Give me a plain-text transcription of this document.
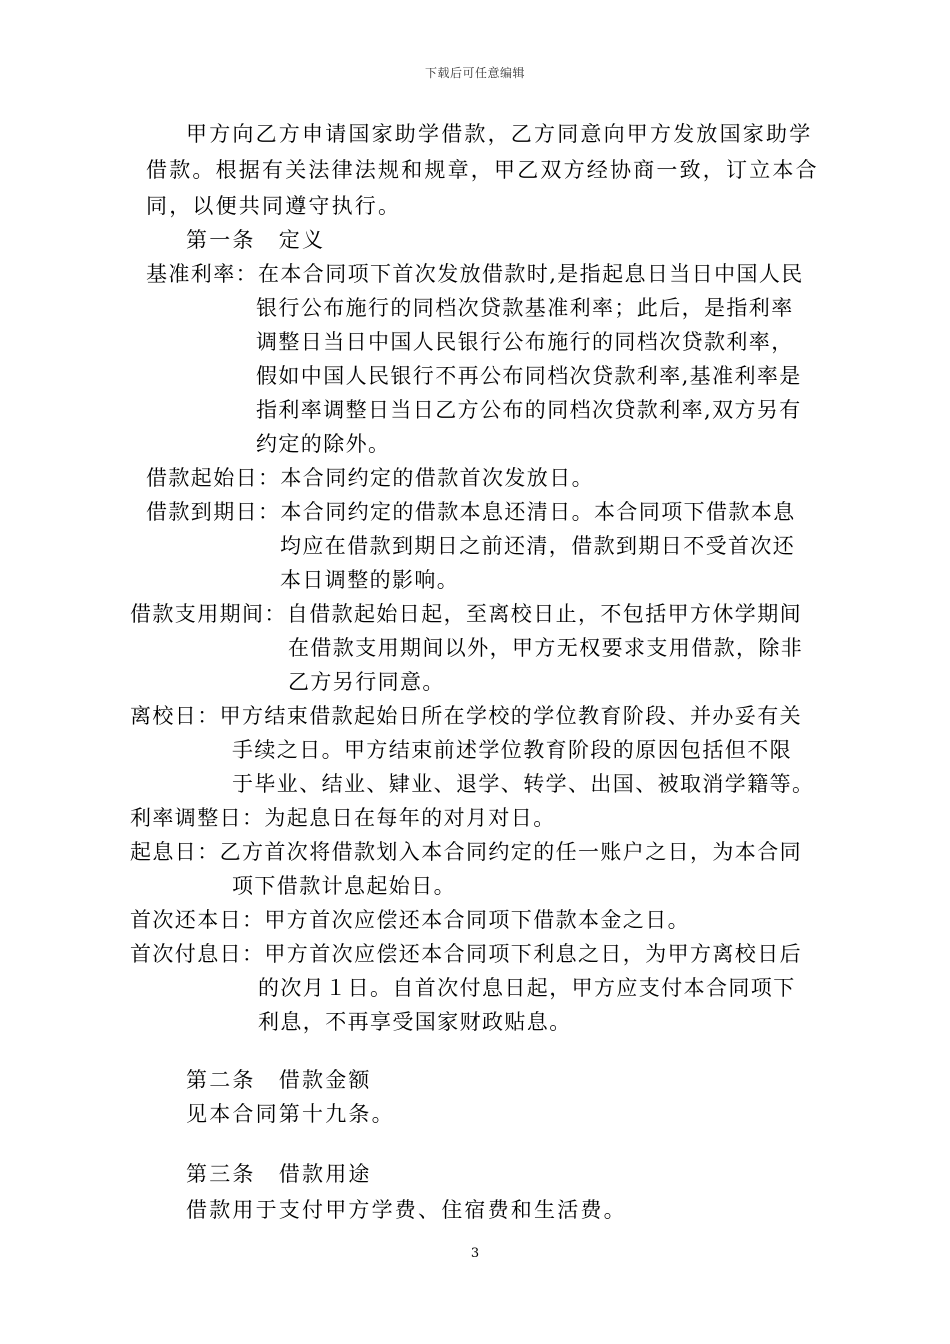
下载后可任意编辑
甲方向乙方申请国家助学借款，乙方同意向甲方发放国家助学
借款。根据有关法律法规和规章，甲乙双方经协商一致，订立本合
同，以便共同遵守执行。
第一条　定义
基准利率：在本合同项下首次发放借款时,是指起息日当日中国人民
银行公布施行的同档次贷款基准利率；此后，是指利率
调整日当日中国人民银行公布施行的同档次贷款利率，
假如中国人民银行不再公布同档次贷款利率,基准利率是
指利率调整日当日乙方公布的同档次贷款利率,双方另有
约定的除外。
借款起始日：本合同约定的借款首次发放日。
借款到期日：本合同约定的借款本息还清日。本合同项下借款本息
均应在借款到期日之前还清，借款到期日不受首次还
本日调整的影响。
借款支用期间：自借款起始日起，至离校日止，不包括甲方休学期间
在借款支用期间以外，甲方无权要求支用借款，除非
乙方另行同意。
离校日：甲方结束借款起始日所在学校的学位教育阶段、并办妥有关
手续之日。甲方结束前述学位教育阶段的原因包括但不限
于毕业、结业、肄业、退学、转学、出国、被取消学籍等。
利率调整日：为起息日在每年的对月对日。
起息日：乙方首次将借款划入本合同约定的任一账户之日，为本合同
项下借款计息起始日。
首次还本日：甲方首次应偿还本合同项下借款本金之日。
首次付息日：甲方首次应偿还本合同项下利息之日，为甲方离校日后
的次月１日。自首次付息日起，甲方应支付本合同项下
利息，不再享受国家财政贴息。
第二条　借款金额
见本合同第十九条。
第三条　借款用途
借款用于支付甲方学费、住宿费和生活费。
3
